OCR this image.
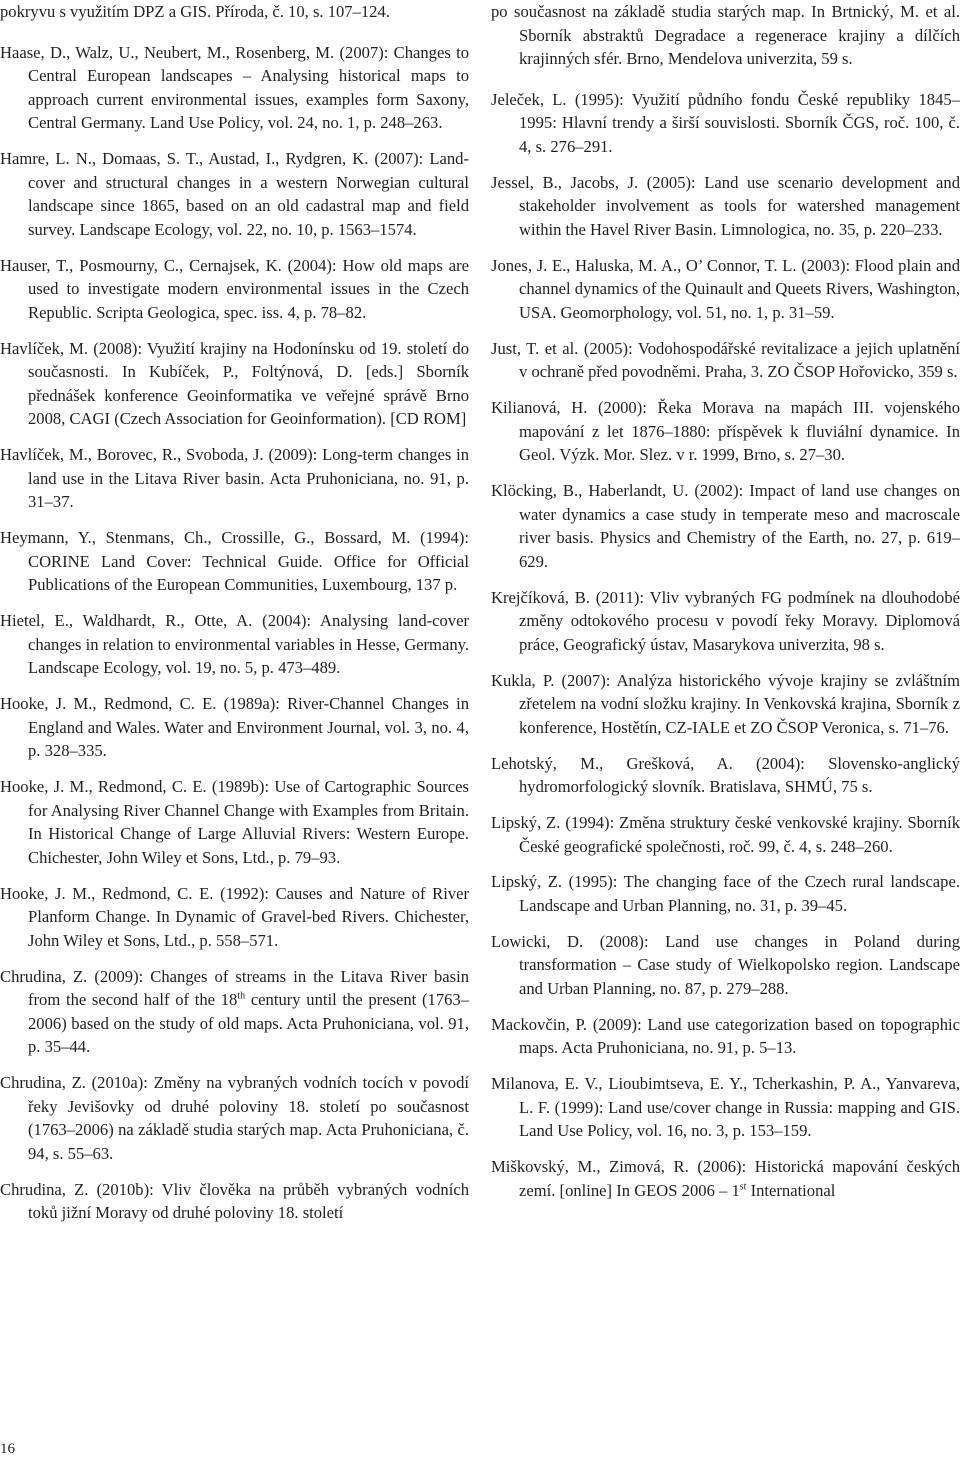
pokryvu s využitím DPZ a GIS. Příroda, č. 10, s. 107–124.

Haase, D., Walz, U., Neubert, M., Rosenberg, M. (2007): Changes to Central European landscapes – Analysing historical maps to approach current environmental issues, examples form Saxony, Central Germany. Land Use Policy, vol. 24, no. 1, p. 248–263.

Hamre, L. N., Domaas, S. T., Austad, I., Rydgren, K. (2007): Land-cover and structural changes in a western Norwegian cultural landscape since 1865, based on an old cadastral map and field survey. Landscape Ecology, vol. 22, no. 10, p. 1563–1574.

Hauser, T., Posmourny, C., Cernajsek, K. (2004): How old maps are used to investigate modern environmental issues in the Czech Republic. Scripta Geologica, spec. iss. 4, p. 78–82.

Havlíček, M. (2008): Využití krajiny na Hodonínsku od 19. století do současnosti. In Kubíček, P., Foltýnová, D. [eds.] Sborník přednášek konference Geoinformatika ve veřejné správě Brno 2008, CAGI (Czech Association for Geoinformation). [CD ROM]

Havlíček, M., Borovec, R., Svoboda, J. (2009): Long-term changes in land use in the Litava River basin. Acta Pruhoniciana, no. 91, p. 31–37.

Heymann, Y., Stenmans, Ch., Crossille, G., Bossard, M. (1994): CORINE Land Cover: Technical Guide. Office for Official Publications of the European Communities, Luxembourg, 137 p.

Hietel, E., Waldhardt, R., Otte, A. (2004): Analysing land-cover changes in relation to environmental variables in Hesse, Germany. Landscape Ecology, vol. 19, no. 5, p. 473–489.

Hooke, J. M., Redmond, C. E. (1989a): River-Channel Changes in England and Wales. Water and Environment Journal, vol. 3, no. 4, p. 328–335.

Hooke, J. M., Redmond, C. E. (1989b): Use of Cartographic Sources for Analysing River Channel Change with Examples from Britain. In Historical Change of Large Alluvial Rivers: Western Europe. Chichester, John Wiley et Sons, Ltd., p. 79–93.

Hooke, J. M., Redmond, C. E. (1992): Causes and Nature of River Planform Change. In Dynamic of Gravel-bed Rivers. Chichester, John Wiley et Sons, Ltd., p. 558–571.

Chrudina, Z. (2009): Changes of streams in the Litava River basin from the second half of the 18th century until the present (1763–2006) based on the study of old maps. Acta Pruhoniciana, vol. 91, p. 35–44.

Chrudina, Z. (2010a): Změny na vybraných vodních tocích v povodí řeky Jevišovky od druhé poloviny 18. století po současnost (1763–2006) na základě studia starých map. Acta Pruhoniciana, č. 94, s. 55–63.

Chrudina, Z. (2010b): Vliv člověka na průběh vybraných vodních toků jižní Moravy od druhé poloviny 18. století

po současnost na základě studia starých map. In Brtnický, M. et al. Sborník abstraktů Degradace a regenerace krajiny a dílčích krajinných sfér. Brno, Mendelova univerzita, 59 s.

Jeleček, L. (1995): Využití půdního fondu České republiky 1845–1995: Hlavní trendy a širší souvislosti. Sborník ČGS, roč. 100, č. 4, s. 276–291.

Jessel, B., Jacobs, J. (2005): Land use scenario development and stakeholder involvement as tools for watershed management within the Havel River Basin. Limnologica, no. 35, p. 220–233.

Jones, J. E., Haluska, M. A., O’ Connor, T. L. (2003): Flood plain and channel dynamics of the Quinault and Queets Rivers, Washington, USA. Geomorphology, vol. 51, no. 1, p. 31–59.

Just, T. et al. (2005): Vodohospodářské revitalizace a jejich uplatnění v ochraně před povodněmi. Praha, 3. ZO ČSOP Hořovicko, 359 s.

Kilianová, H. (2000): Řeka Morava na mapách III. vojenského mapování z let 1876–1880: příspěvek k fluviální dynamice. In Geol. Výzk. Mor. Slez. v r. 1999, Brno, s. 27–30.

Klöcking, B., Haberlandt, U. (2002): Impact of land use changes on water dynamics a case study in temperate meso and macroscale river basis. Physics and Chemistry of the Earth, no. 27, p. 619–629.

Krejčíková, B. (2011): Vliv vybraných FG podmínek na dlouhodobé změny odtokového procesu v povodí řeky Moravy. Diplomová práce, Geografický ústav, Masarykova univerzita, 98 s.

Kukla, P. (2007): Analýza historického vývoje krajiny se zvláštním zřetelem na vodní složku krajiny. In Venkovská krajina, Sborník z konference, Hostětín, CZ-IALE et ZO ČSOP Veronica, s. 71–76.

Lehotský, M., Grešková, A. (2004): Slovensko-anglický hydromorfologický slovník. Bratislava, SHMÚ, 75 s.

Lipský, Z. (1994): Změna struktury české venkovské krajiny. Sborník České geografické společnosti, roč. 99, č. 4, s. 248–260.

Lipský, Z. (1995): The changing face of the Czech rural landscape. Landscape and Urban Planning, no. 31, p. 39–45.

Lowicki, D. (2008): Land use changes in Poland during transformation – Case study of Wielkopolsko region. Landscape and Urban Planning, no. 87, p. 279–288.

Mackovčin, P. (2009): Land use categorization based on topographic maps. Acta Pruhoniciana, no. 91, p. 5–13.

Milanova, E. V., Lioubimtseva, E. Y., Tcherkashin, P. A., Yanvareva, L. F. (1999): Land use/cover change in Russia: mapping and GIS. Land Use Policy, vol. 16, no. 3, p. 153–159.

Miškovský, M., Zimová, R. (2006): Historická mapování českých zemí. [online] In GEOS 2006 – 1st International

16
